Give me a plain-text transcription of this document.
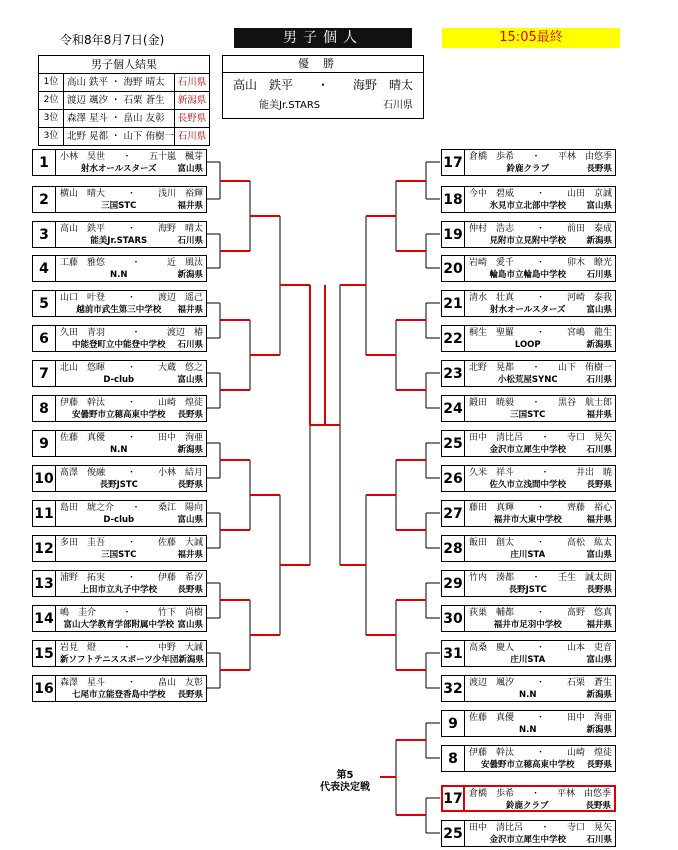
令和8年8月7日(金)	男子個人	15:05最終
男子個人結果
1位 高山 鉄平 ・ 海野 晴太	石川県
2位 渡辺 颯汐 ・ 石栗 蒼生	新潟県
3位 森澤 星斗 ・ 畠山 友彰	長野県
3位 北野 晃都 ・ 山下 侑樹一 石川県
優勝
高山　鉄平 ・ 海野　晴太
能美Jr.STARS	石川県
1	小林　昊世 ・ 五十嵐　楓芽
射水オールスターズ	富山県
2	横山　晴大 ・ 浅川　裕輝
三国STC	福井県
3	高山　鉄平 ・ 海野　晴太
能美Jr.STARS	石川県
4	工藤　雅悠	・	近　風汰
N.N	新潟県
5	山口　叶登 ・ 渡辺　遥己
越前市武生第三中学校	福井県
6	久田　青羽	・	渡辺　椿
中能登町立中能登中学校	石川県
7	北山　悠暉 ・ 大蔵　悠之
D-club	富山県
8	伊藤　幹汰 ・ 山崎　煌徒
安曇野市立穂高東中学校	長野県
9	佐藤　真優 ・ 田中　洵亜
N.N	新潟県
10 髙澤　俊融 ・ 小林　結月
長野JSTC	長野県
11 島田　琥之介 ・ 桑江　陽向
D-club	富山県
12 多田　圭吾 ・ 佐藤　大誠
三国STC	福井県
13 浦野　拓実 ・ 伊藤　希汐
上田市立丸子中学校	長野県
14 嶋　圭介	・	竹下　尚樹
富山大学教育学部附属中学校 富山県
15 岩見　燈	・	中野　大誠
新ソフトテニススポーツ少年団 新潟県
16 森澤　星斗 ・ 畠山　友彰
七尾市立能登香島中学校	長野県
17 倉橋　歩希 ・ 平林　由悠季
鈴鹿クラブ	長野県
18 今中　碧威 ・ 山田　京誠
氷見市立北部中学校	富山県
19 仲村　浩志 ・ 前田　泰成
見附市立見附中学校	新潟県
20 岩崎　愛千 ・ 卯木　瞭光
輪島市立輪島中学校	石川県
21 清水　壮真 ・ 河崎　泰我
射水オールスターズ	富山県
22 桐生　聖羅 ・ 宮嶋　龍生
LOOP	新潟県
23 北野　晃都 ・ 山下　侑樹一
小松荒屋SYNC	石川県
24 鍛田　暁毅 ・ 黒谷　航士郎
三国STC	福井県
25 田中　清比呂 ・ 寺口　晃矢
金沢市立犀生中学校	石川県
26 久米　祥斗	・	井出　暁
佐久市立浅間中学校	長野県
27 藤田　真輝 ・ 齊藤　裕心
福井市大東中学校	福井県
28 飯田　創太 ・ 高松　紘太
庄川STA	富山県
29 竹内　湊都 ・ 壬生　誠太朗
長野JSTC	長野県
30 荻巣　輔都 ・ 髙野　悠真
福井市足羽中学校	福井県
31 高桑　慶人 ・ 山本　吏音
庄川STA	富山県
32 渡辺　颯汐 ・ 石栗　蒼生
N.N	新潟県
9	佐藤　真優 ・ 田中　洵亜
N.N	新潟県
8	伊藤　幹汰 ・ 山崎　煌徒
安曇野市立穂高東中学校	長野県
17 倉橋　歩希 ・ 平林　由悠季
鈴鹿クラブ	長野県
25 田中　清比呂 ・ 寺口　晃矢
金沢市立犀生中学校	石川県
第5
代表決定戦
